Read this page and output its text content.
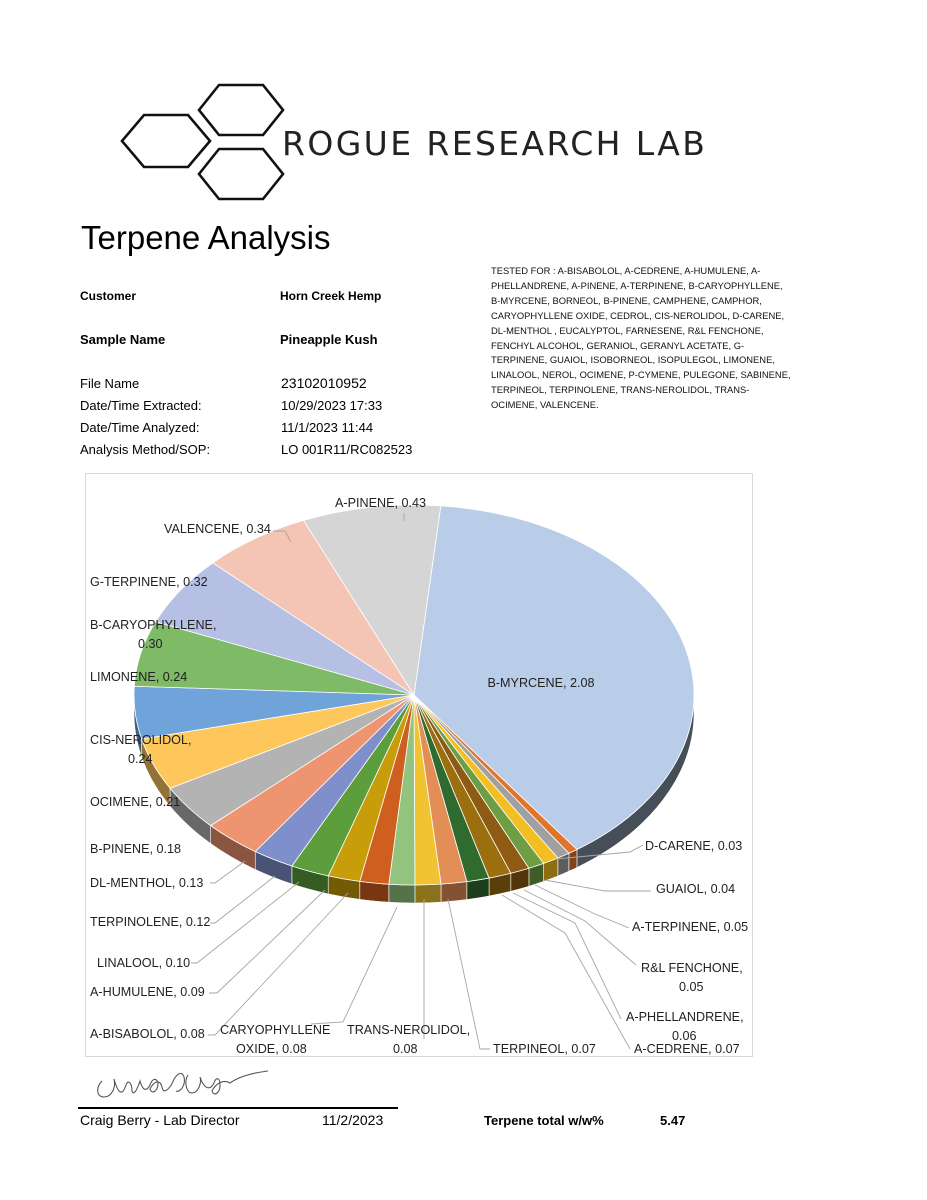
ROGUE RESEARCH LAB
Terpene Analysis
Customer	Horn Creek Hemp
Sample Name	Pineapple Kush
File Name	23102010952
Date/Time Extracted:	10/29/2023 17:33
Date/Time Analyzed:	11/1/2023 11:44
Analysis Method/SOP:	LO 001R11/RC082523
TESTED FOR : A-BISABOLOL, A-CEDRENE, A-HUMULENE, A-PHELLANDRENE, A-PINENE, A-TERPINENE, B-CARYOPHYLLENE, B-MYRCENE, BORNEOL, B-PINENE, CAMPHENE, CAMPHOR, CARYOPHYLLENE OXIDE, CEDROL, CIS-NEROLIDOL, D-CARENE, DL-MENTHOL , EUCALYPTOL, FARNESENE, R&L FENCHONE, FENCHYL ALCOHOL, GERANIOL, GERANYL ACETATE, G-TERPINENE, GUAIOL, ISOBORNEOL, ISOPULEGOL, LIMONENE, LINALOOL, NEROL, OCIMENE, P-CYMENE, PULEGONE, SABINENE, TERPINEOL, TERPINOLENE, TRANS-NEROLIDOL, TRANS-OCIMENE, VALENCENE.
B-MYRCENE, 2.08
D-CARENE, 0.03
GUAIOL, 0.04
A-TERPINENE, 0.05
R&L FENCHONE, 0.05
A-PHELLANDRENE, 0.06
A-CEDRENE, 0.07
TERPINEOL, 0.07
TRANS-NEROLIDOL, 0.08
CARYOPHYLLENE OXIDE, 0.08
A-BISABOLOL, 0.08
A-HUMULENE, 0.09
LINALOOL, 0.10
TERPINOLENE, 0.12
DL-MENTHOL, 0.13
B-PINENE, 0.18
OCIMENE, 0.21
CIS-NEROLIDOL, 0.24
LIMONENE, 0.24
B-CARYOPHYLLENE, 0.30
G-TERPINENE, 0.32
VALENCENE, 0.34
A-PINENE, 0.43
Craig Berry - Lab Director	11/2/2023	Terpene total w/w%	5.47
